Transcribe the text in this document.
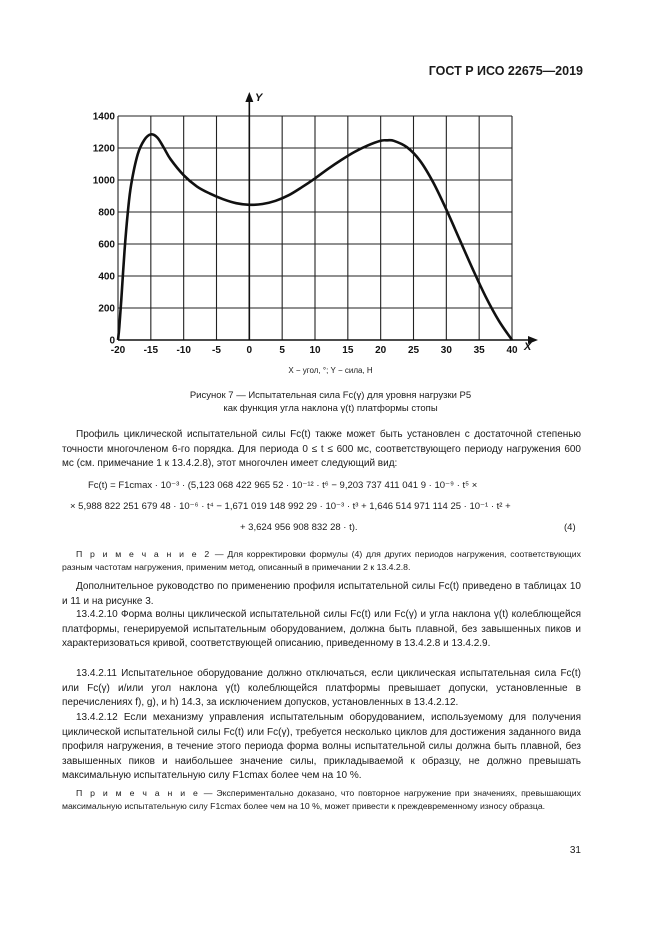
ГОСТ Р ИСО 22675—2019
-20 -15 -10 -5	0	5 10 15 20 25 30 35 40
0
200
400
600
800
1000
1200
1400
X
Y
X − угол, °; Y − сила, Н
Рисунок 7 — Испытательная сила Fc(γ) для уровня нагрузки P5
как функция угла наклона γ(t) платформы стопы

Профиль циклической испытательной силы Fc(t) также может быть установлен с достаточной степенью точности многочленом 6-го порядка. Для периода 0 ≤ t ≤ 600 мс, соответствующего периоду нагружения 600 мс (см. примечание 1 к 13.4.2.8), этот многочлен имеет следующий вид:

Fc(t) = F1cmax · 10⁻³ · (5,123 068 422 965 52 · 10⁻¹² · t⁶ − 9,203 737 411 041 9 · 10⁻⁹ · t⁵ ×

× 5,988 822 251 679 48 · 10⁻⁶ · t⁴ − 1,671 019 148 992 29 · 10⁻³ · t³ + 1,646 514 971 114 25 · 10⁻¹ · t² +

+ 3,624 956 908 832 28 · t).	(4)

П р и м е ч а н и е 2 — Для корректировки формулы (4) для других периодов нагружения, соответствующих разным частотам нагружения, применим метод, описанный в примечании 2 к 13.4.2.8.

Дополнительное руководство по применению профиля испытательной силы Fc(t) приведено в таблицах 10 и 11 и на рисунке 3.

13.4.2.10 Форма волны циклической испытательной силы Fc(t) или Fc(γ) и угла наклона γ(t) колеблющейся платформы, генерируемой испытательным оборудованием, должна быть плавной, без завышенных пиков и характеризоваться кривой, соответствующей описанию, приведенному в 13.4.2.8 и 13.4.2.9.

13.4.2.11 Испытательное оборудование должно отключаться, если циклическая испытательная сила Fc(t) или Fc(γ) и/или угол наклона γ(t) колеблющейся платформы превышает допуски, установленные в перечислениях f), g), и h) 14.3, за исключением допусков, установленных в 13.4.2.12.

13.4.2.12 Если механизму управления испытательным оборудованием, используемому для получения циклической испытательной силы Fc(t) или Fc(γ), требуется несколько циклов для достижения заданного вида профиля нагружения, в течение этого периода форма волны испытательной силы должна быть плавной, без завышенных пиков и наибольшее значение силы, прикладываемой к образцу, не должно превышать максимальную испытательную силу F1cmax более чем на 10 %.

П р и м е ч а н и е — Экспериментально доказано, что повторное нагружение при значениях, превышающих максимальную испытательную силу F1cmax более чем на 10 %, может привести к преждевременному износу образца.

31
